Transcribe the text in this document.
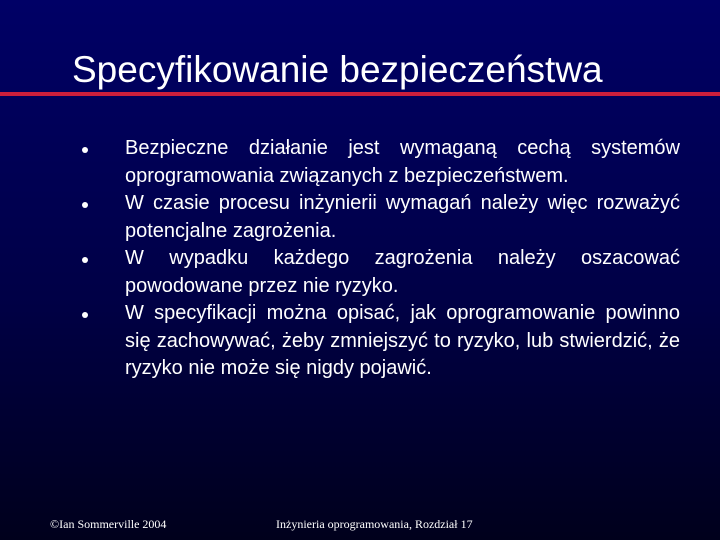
Specyfikowanie bezpieczeństwa
Bezpieczne działanie jest wymaganą cechą systemów oprogramowania związanych z bezpieczeństwem.
W czasie procesu inżynierii wymagań należy więc rozważyć potencjalne zagrożenia.
W wypadku każdego zagrożenia należy oszacować powodowane przez nie ryzyko.
W specyfikacji można opisać, jak oprogramowanie powinno się zachowywać, żeby zmniejszyć to ryzyko, lub stwierdzić, że ryzyko nie może się nigdy pojawić.
©Ian Sommerville 2004	Inżynieria oprogramowania, Rozdział 17
